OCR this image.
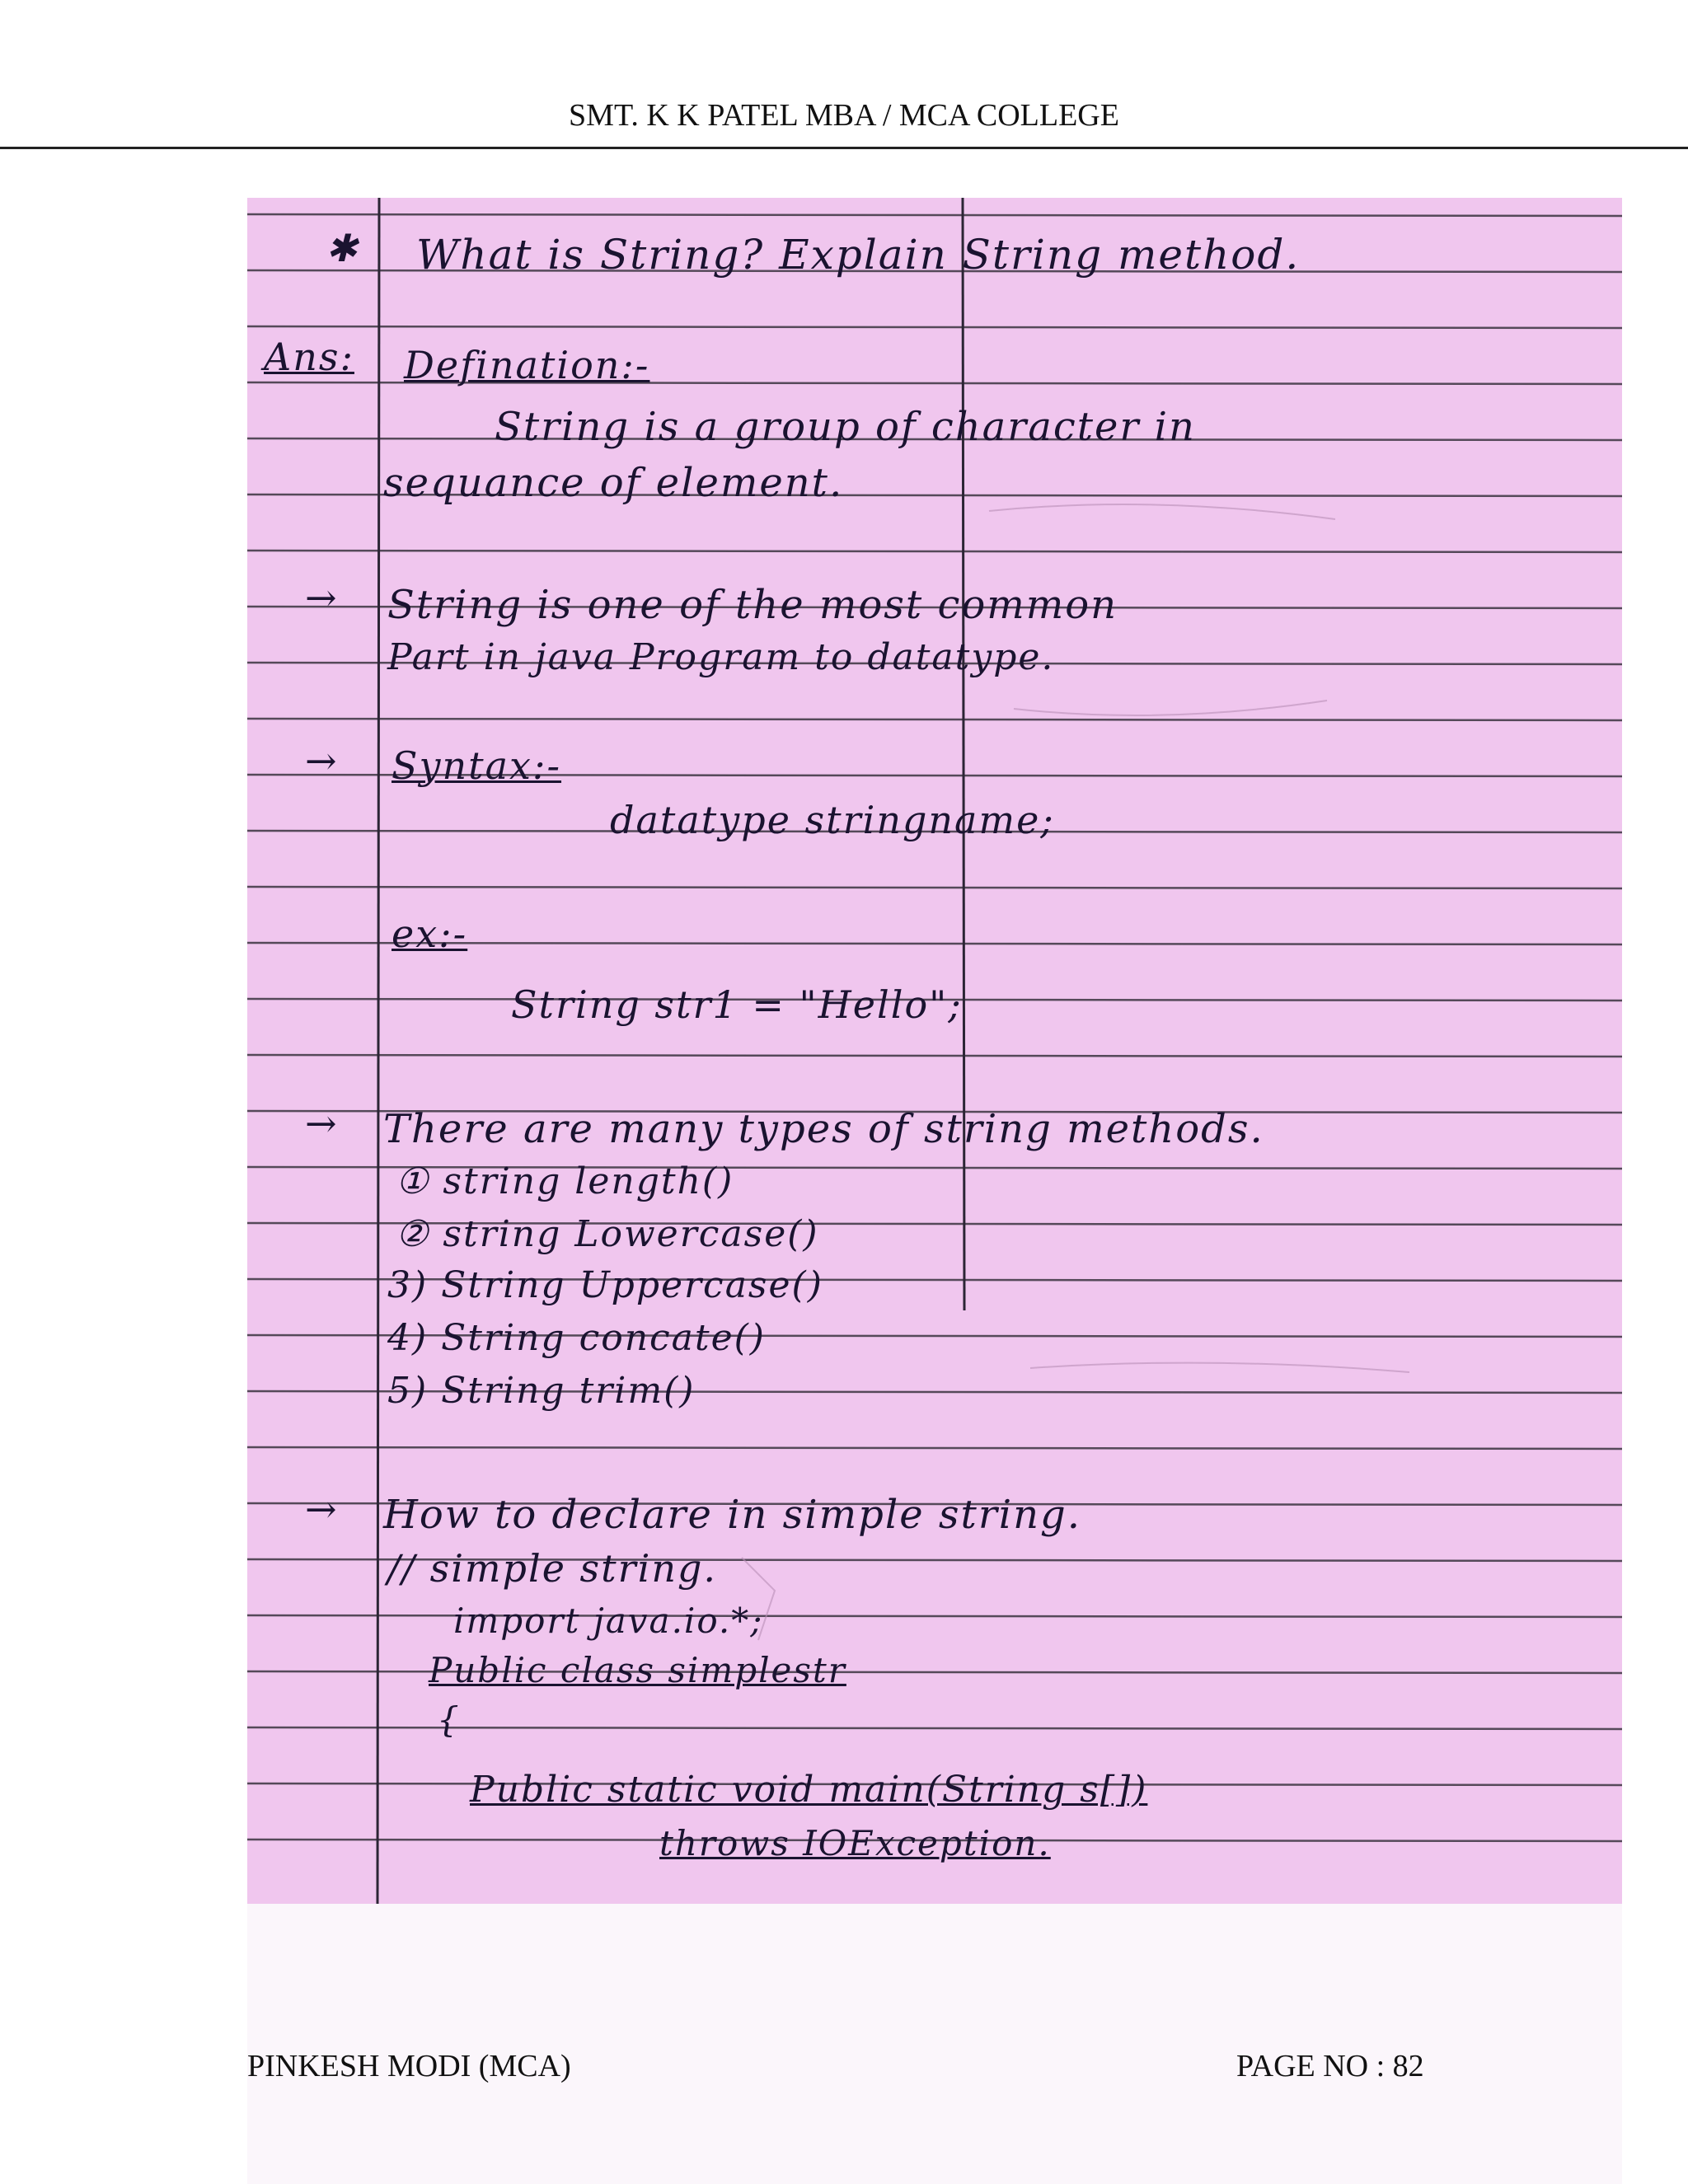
SMT. K K PATEL MBA / MCA COLLEGE
✱ What is String? Explain String method.
Ans: Defination:-
String is a group of character in
sequance of element.
→ String is one of the most common
Part in java Program to datatype.
→ Syntax:-
datatype stringname;
ex:-
String str1 = "Hello";
→ There are many types of string methods.
① string length()
② string Lowercase()
3) String Uppercase()
4) String concate()
5) String trim()
→ How to declare in simple string.
// simple string.
import java.io.*;
Public class simplestr
{
Public static void main(String s[])
throws IOException.
PINKESH MODI (MCA)	PAGE NO : 82
